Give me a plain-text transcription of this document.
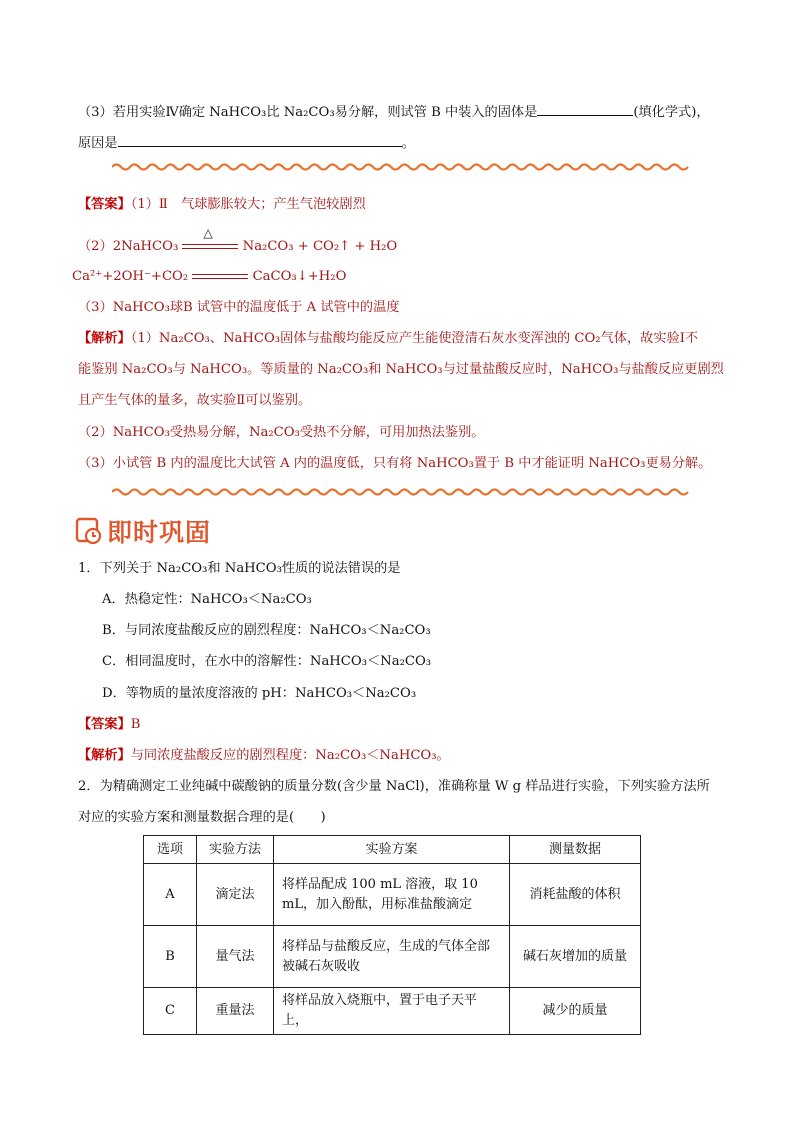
（3）若用实验Ⅳ确定 NaHCO₃比 Na₂CO₃易分解，则试管 B 中装入的固体是	(填化学式)，
原因是	。
【答案】（1）Ⅱ　气球膨胀较大；产生气泡较剧烈
（2）2NaHCO₃
△
Na₂CO₃ + CO₂↑ + H₂O
Ca²⁺+2OH⁻+CO₂	CaCO₃↓+H₂O
（3）NaHCO₃球B 试管中的温度低于 A 试管中的温度
【解析】（1）Na₂CO₃、NaHCO₃固体与盐酸均能反应产生能使澄清石灰水变浑浊的 CO₂气体，故实验Ⅰ不
能鉴别 Na₂CO₃与 NaHCO₃。等质量的 Na₂CO₃和 NaHCO₃与过量盐酸反应时，NaHCO₃与盐酸反应更剧烈
且产生气体的量多，故实验Ⅱ可以鉴别。
（2）NaHCO₃受热易分解，Na₂CO₃受热不分解，可用加热法鉴别。
（3）小试管 B 内的温度比大试管 A 内的温度低，只有将 NaHCO₃置于 B 中才能证明 NaHCO₃更易分解。
即时巩固
1．下列关于 Na₂CO₃和 NaHCO₃性质的说法错误的是
A．热稳定性：NaHCO₃＜Na₂CO₃
B．与同浓度盐酸反应的剧烈程度：NaHCO₃＜Na₂CO₃
C．相同温度时，在水中的溶解性：NaHCO₃＜Na₂CO₃
D．等物质的量浓度溶液的 pH：NaHCO₃＜Na₂CO₃
【答案】B
【解析】与同浓度盐酸反应的剧烈程度：Na₂CO₃＜NaHCO₃。
2．为精确测定工业纯碱中碳酸钠的质量分数(含少量 NaCl)，准确称量 W g 样品进行实验，下列实验方法所
对应的实验方案和测量数据合理的是(　　)
选项	实验方法	实验方案	测量数据
A	滴定法	将样品配成 100 mL 溶液，取 10 mL，加入酚酞，用标准盐酸滴定	消耗盐酸的体积
B	量气法	将样品与盐酸反应，生成的气体全部被碱石灰吸收	碱石灰增加的质量
C	重量法	将样品放入烧瓶中，置于电子天平上，	减少的质量
